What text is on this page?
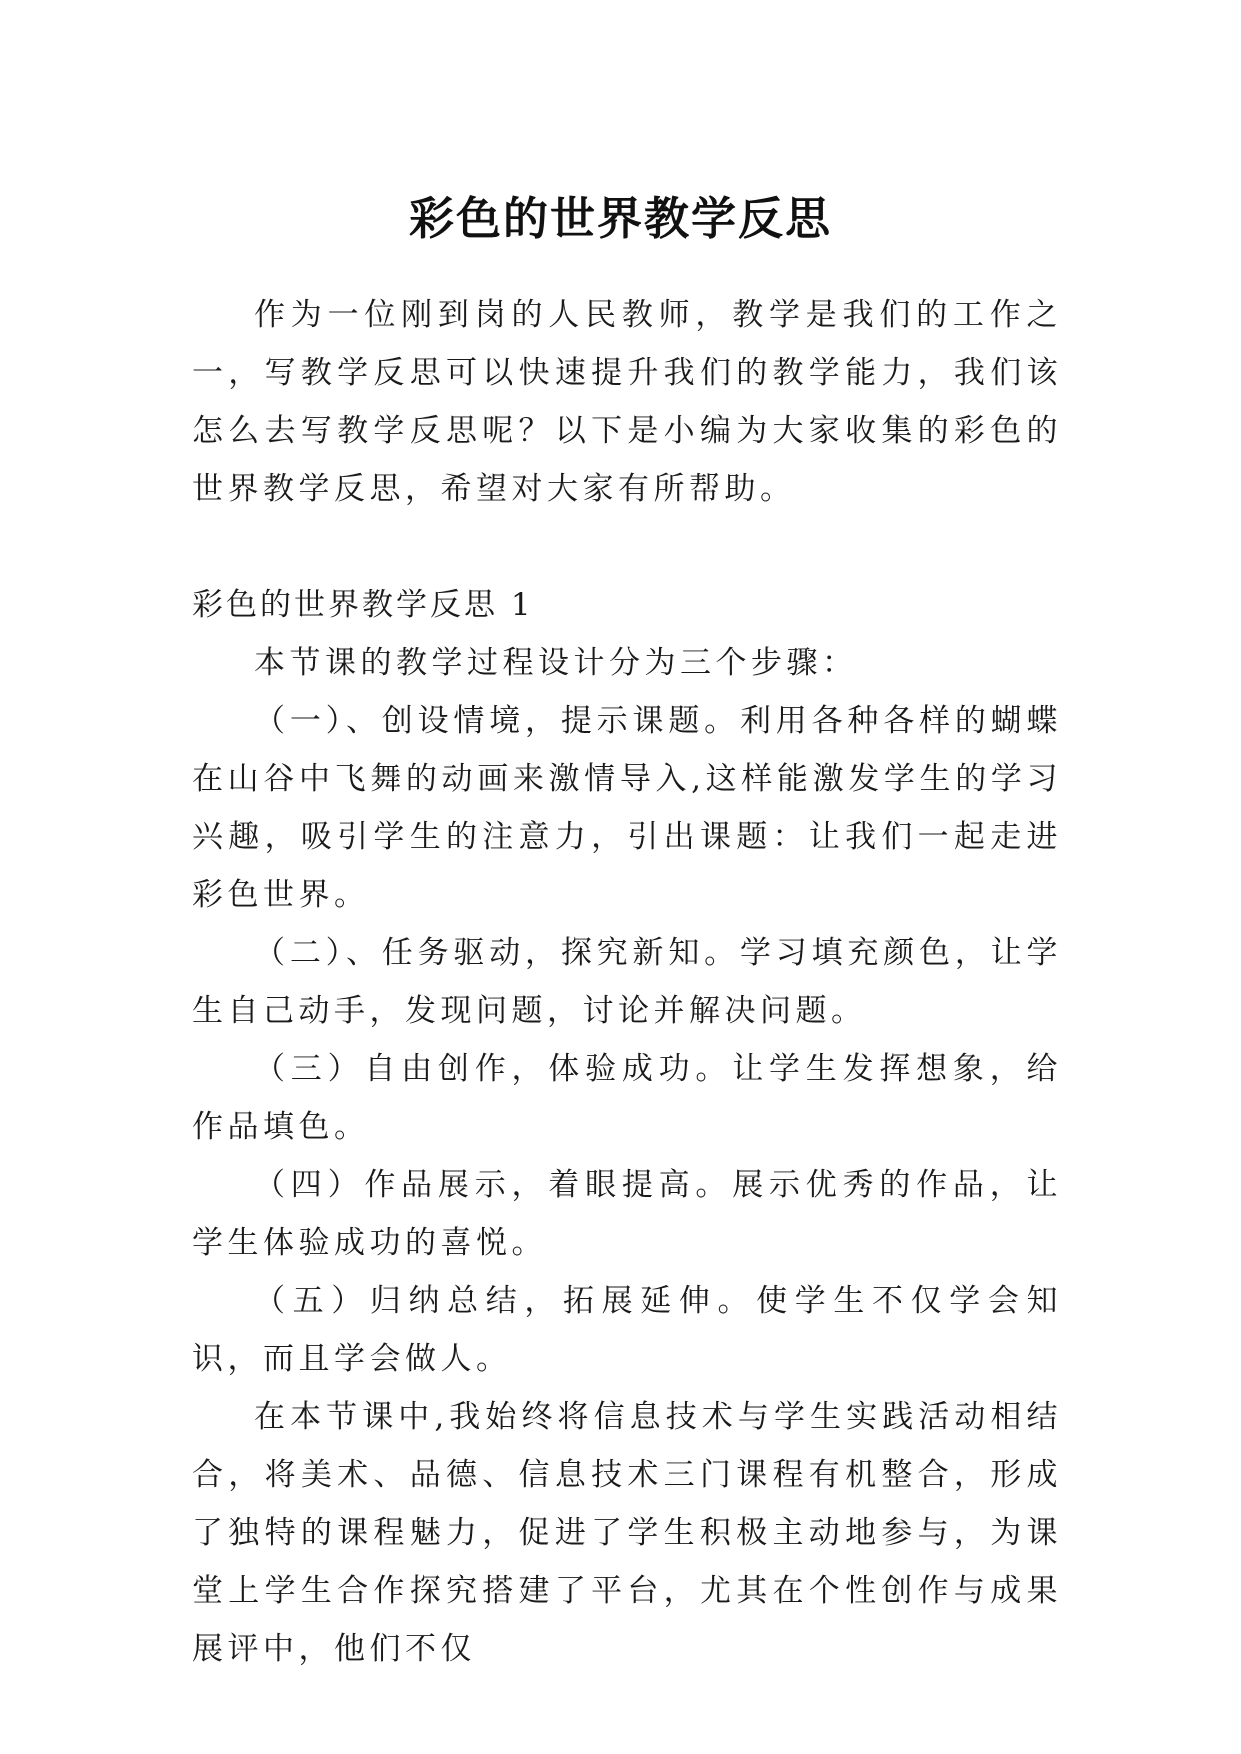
彩色的世界教学反思

作为一位刚到岗的人民教师，教学是我们的工作之一，写教学反思可以快速提升我们的教学能力，我们该怎么去写教学反思呢？以下是小编为大家收集的彩色的世界教学反思，希望对大家有所帮助。

彩色的世界教学反思 1

本节课的教学过程设计分为三个步骤：

（一）、创设情境，提示课题。利用各种各样的蝴蝶在山谷中飞舞的动画来激情导入,这样能激发学生的学习兴趣，吸引学生的注意力，引出课题：让我们一起走进彩色世界。

（二）、任务驱动，探究新知。学习填充颜色，让学生自己动手，发现问题，讨论并解决问题。

（三）自由创作，体验成功。让学生发挥想象，给作品填色。

（四）作品展示，着眼提高。展示优秀的作品，让学生体验成功的喜悦。

（五）归纳总结，拓展延伸。使学生不仅学会知识，而且学会做人。

在本节课中,我始终将信息技术与学生实践活动相结合，将美术、品德、信息技术三门课程有机整合，形成了独特的课程魅力，促进了学生积极主动地参与，为课堂上学生合作探究搭建了平台，尤其在个性创作与成果展评中，他们不仅
